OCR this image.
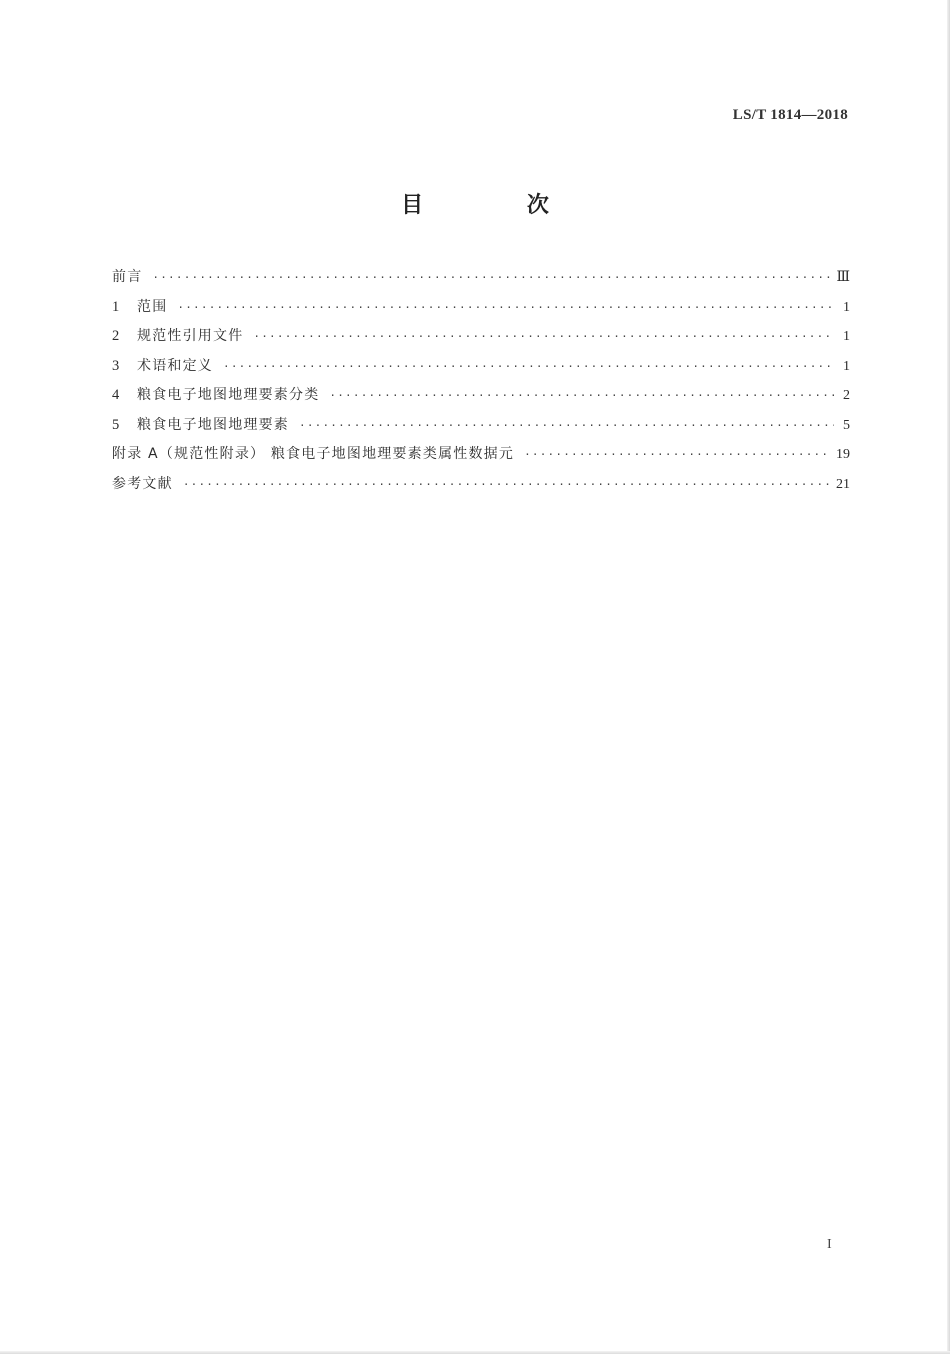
LS/T 1814—2018
目 次
前言 ·····	Ⅲ
1	范围 ·····	1
2	规范性引用文件 ·····	1
3	术语和定义 ·····	1
4	粮食电子地图地理要素分类 ·····	2
5	粮食电子地图地理要素 ·····	5
附录 A（规范性附录） 粮食电子地图地理要素类属性数据元 ·····	19
参考文献 ·····	21
I
